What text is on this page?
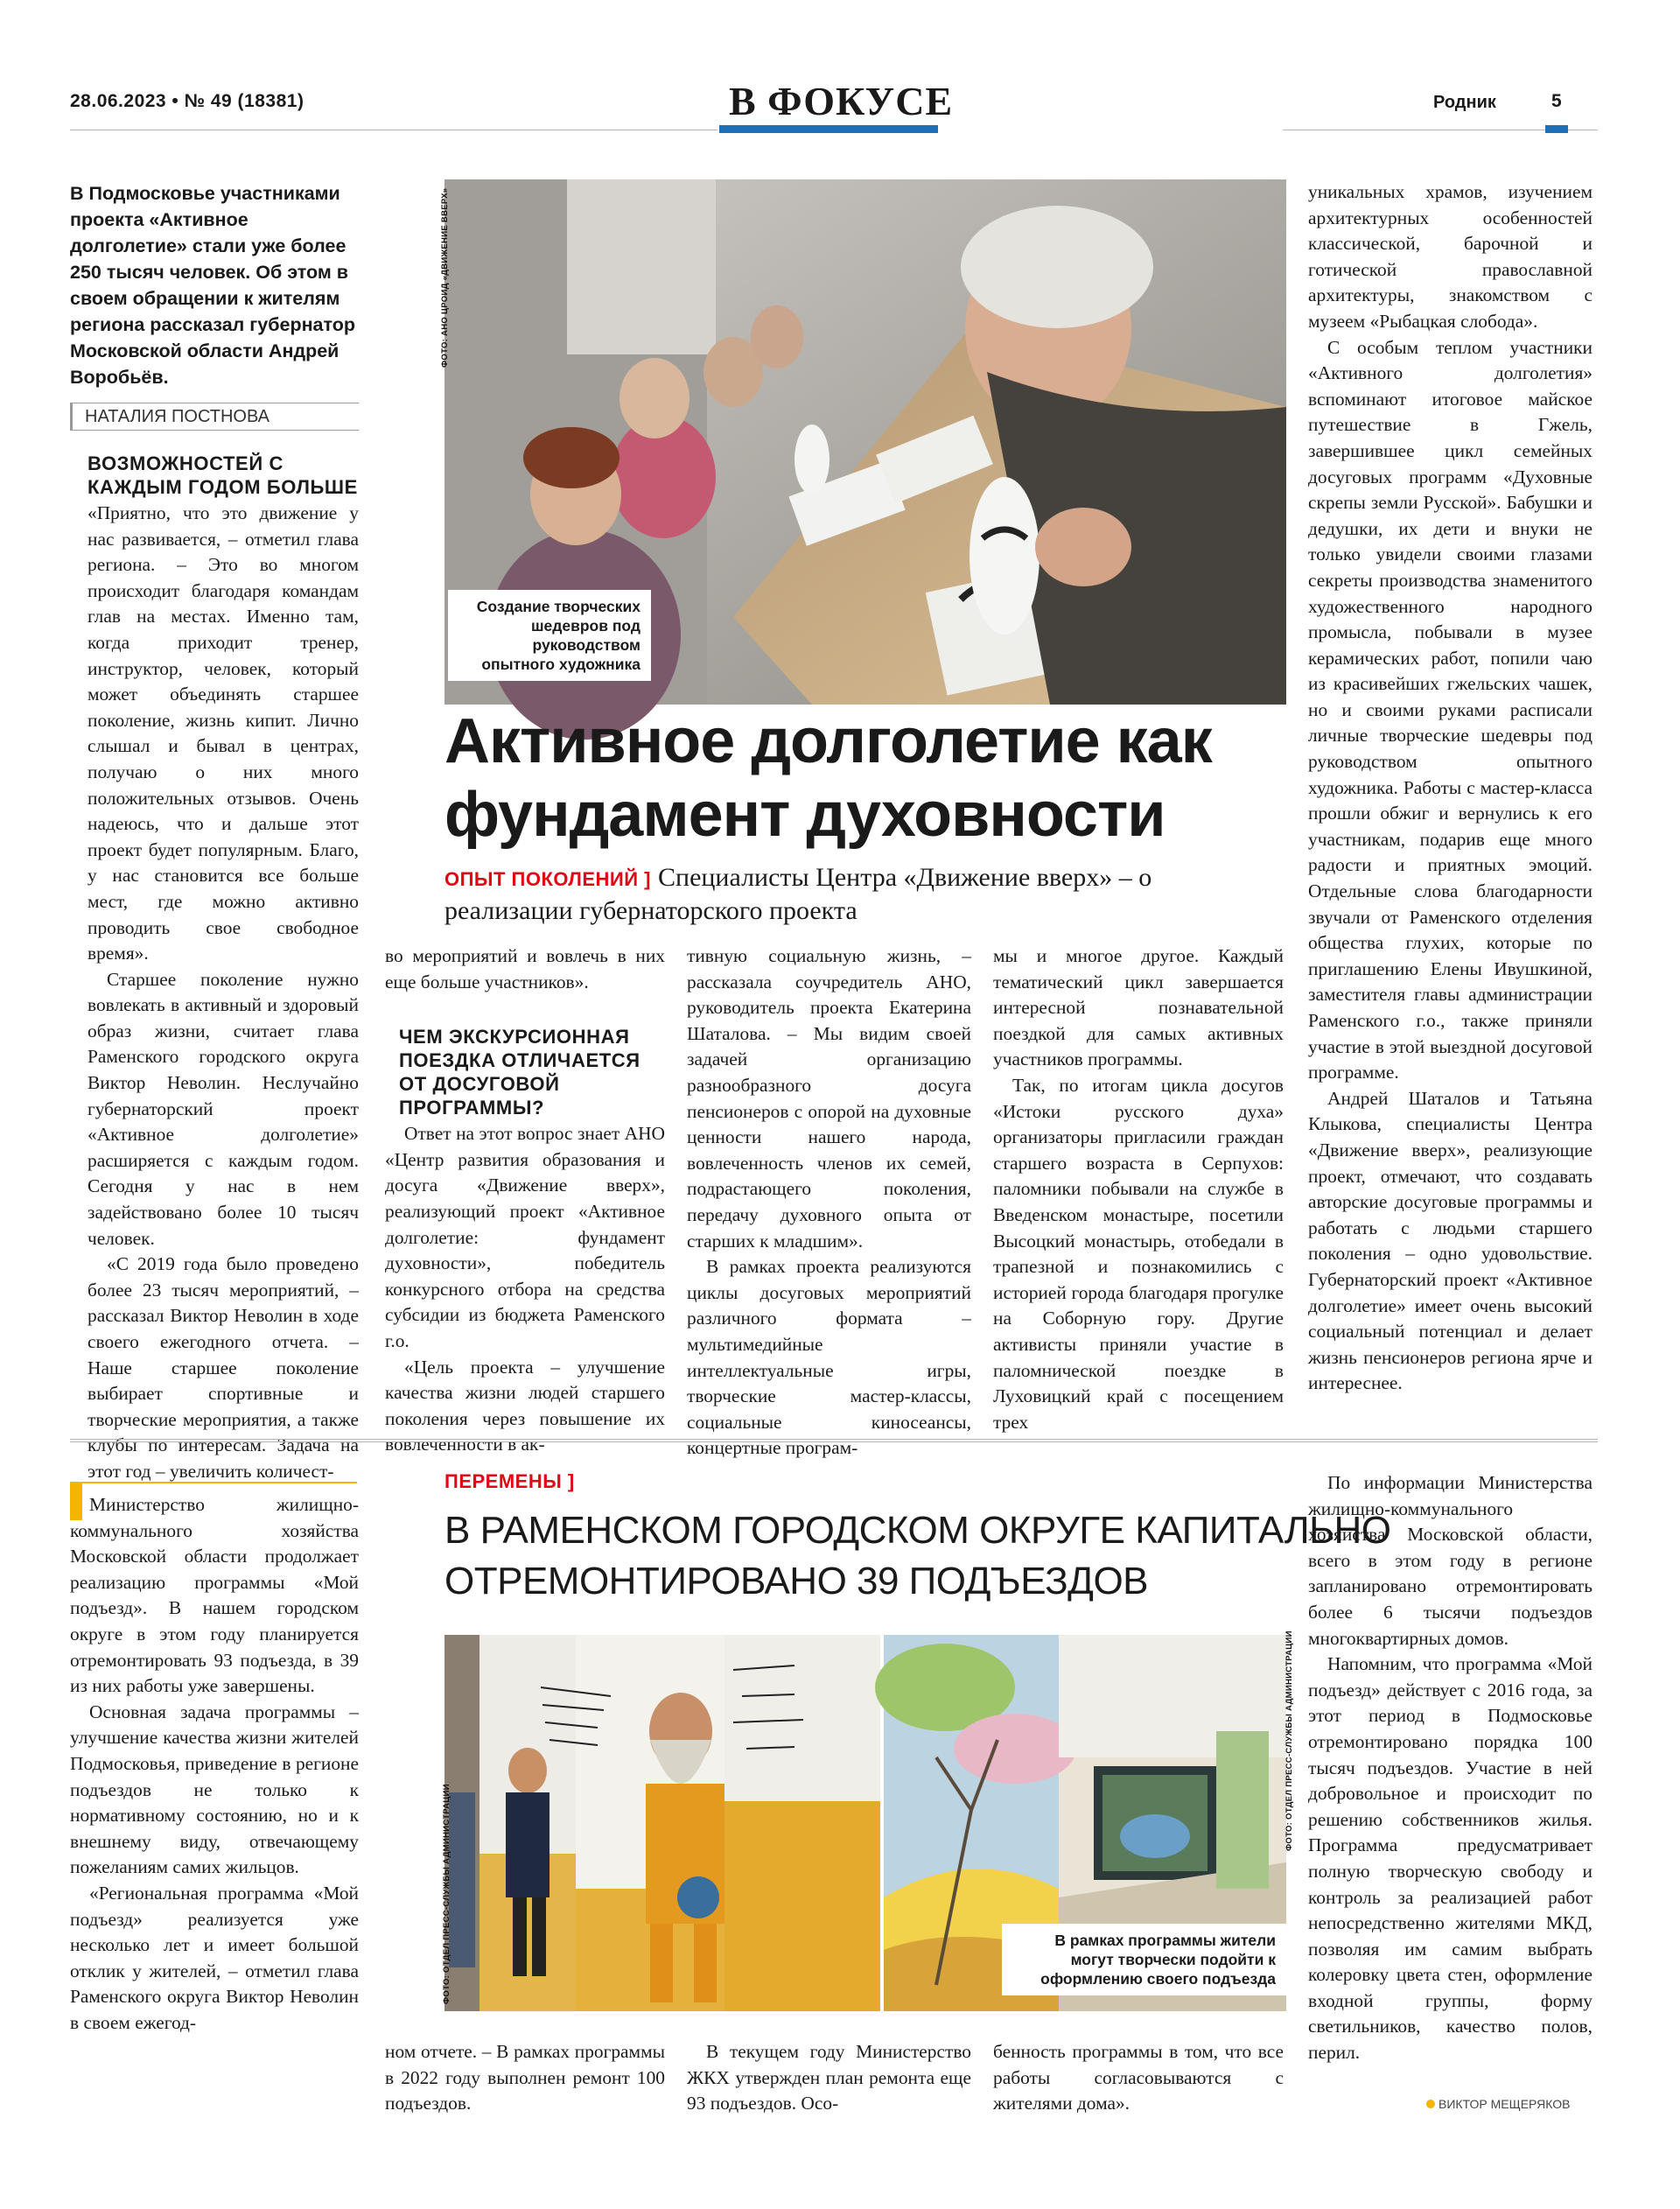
28.06.2023 • № 49 (18381)	В ФОКУСЕ	Родник	5
В Подмосковье участниками проекта «Активное долголетие» стали уже более 250 тысяч человек. Об этом в своем обращении к жителям региона рассказал губернатор Московской области Андрей Воробьёв.
НАТАЛИЯ ПОСТНОВА
ВОЗМОЖНОСТЕЙ С КАЖДЫМ ГОДОМ БОЛЬШЕ

«Приятно, что это движение у нас развивается, – отметил глава региона. – Это во многом происходит благодаря командам глав на местах. Именно там, когда приходит тренер, инструктор, человек, который может объединять старшее поколение, жизнь кипит. Лично слышал и бывал в центрах, получаю о них много положительных отзывов. Очень надеюсь, что и дальше этот проект будет популярным. Благо, у нас становится все больше мест, где можно активно проводить свое свободное время».

Старшее поколение нужно вовлекать в активный и здоровый образ жизни, считает глава Раменского городского округа Виктор Неволин. Неслучайно губернаторский проект «Активное долголетие» расширяется с каждым годом. Сегодня у нас в нем задействовано более 10 тысяч человек.

«С 2019 года было проведено более 23 тысяч мероприятий, – рассказал Виктор Неволин в ходе своего ежегодного отчета. – Наше старшее поколение выбирает спортивные и творческие мероприятия, а также клубы по интересам. Задача на этот год – увеличить количест-

ФОТО: АНО ЦРОИД «ДВИЖЕНИЕ ВВЕРХ»
Создание творческих шедевров под руководством опытного художника
Активное долголетие как
фундамент духовности
ОПЫТ ПОКОЛЕНИЙ ] Специалисты Центра «Движение вверх» – о реализации губернаторского проекта

во мероприятий и вовлечь в них еще больше участников».

ЧЕМ ЭКСКУРСИОННАЯ ПОЕЗДКА ОТЛИЧАЕТСЯ ОТ ДОСУГОВОЙ ПРОГРАММЫ?

Ответ на этот вопрос знает АНО «Центр развития образования и досуга «Движение вверх», реализующий проект «Активное долголетие: фундамент духовности», победитель конкурсного отбора на средства субсидии из бюджета Раменского г.о.

«Цель проекта – улучшение качества жизни людей старшего поколения через повышение их вовлеченности в ак-

тивную социальную жизнь, – рассказала соучредитель АНО, руководитель проекта Екатерина Шаталова. – Мы видим своей задачей организацию разнообразного досуга пенсионеров с опорой на духовные ценности нашего народа, вовлеченность членов их семей, подрастающего поколения, передачу духовного опыта от старших к младшим».

В рамках проекта реализуются циклы досуговых мероприятий различного формата – мультимедийные интеллектуальные игры, творческие мастер-классы, социальные киносеансы, концертные програм-

мы и многое другое. Каждый тематический цикл завершается интересной познавательной поездкой для самых активных участников программы.

Так, по итогам цикла досугов «Истоки русского духа» организаторы пригласили граждан старшего возраста в Серпухов: паломники побывали на службе в Введенском монастыре, посетили Высоцкий монастырь, отобедали в трапезной и познакомились с историей города благодаря прогулке на Соборную гору. Другие активисты приняли участие в паломнической поездке в Луховицкий край с посещением трех

уникальных храмов, изучением архитектурных особенностей классической, барочной и готической православной архитектуры, знакомством с музеем «Рыбацкая слобода».

С особым теплом участники «Активного долголетия» вспоминают итоговое майское путешествие в Гжель, завершившее цикл семейных досуговых программ «Духовные скрепы земли Русской». Бабушки и дедушки, их дети и внуки не только увидели своими глазами секреты производства знаменитого художественного народного промысла, побывали в музее керамических работ, попили чаю из красивейших гжельских чашек, но и своими руками расписали личные творческие шедевры под руководством опытного художника. Работы с мастер-класса прошли обжиг и вернулись к его участникам, подарив еще много радости и приятных эмоций. Отдельные слова благодарности звучали от Раменского отделения общества глухих, которые по приглашению Елены Ивушкиной, заместителя главы администрации Раменского г.о., также приняли участие в этой выездной досуговой программе.

Андрей Шаталов и Татьяна Клыкова, специалисты Центра «Движение вверх», реализующие проект, отмечают, что создавать авторские досуговые программы и работать с людьми старшего поколения – одно удовольствие. Губернаторский проект «Активное долголетие» имеет очень высокий социальный потенциал и делает жизнь пенсионеров региона ярче и интереснее.

Министерство жилищно-коммунального хозяйства Московской области продолжает реализацию программы «Мой подъезд». В нашем городском округе в этом году планируется отремонтировать 93 подъезда, в 39 из них работы уже завершены.

Основная задача программы – улучшение качества жизни жителей Подмосковья, приведение в регионе подъездов не только к нормативному состоянию, но и к внешнему виду, отвечающему пожеланиям самих жильцов.

«Региональная программа «Мой подъезд» реализуется уже несколько лет и имеет большой отклик у жителей, – отметил глава Раменского округа Виктор Неволин в своем ежегод-

ПЕРЕМЕНЫ ]
В РАМЕНСКОМ ГОРОДСКОМ ОКРУГЕ КАПИТАЛЬНО
ОТРЕМОНТИРОВАНО 39 ПОДЪЕЗДОВ
ФОТО: ОТДЕЛ ПРЕСС-СЛУЖБЫ АДМИНИСТРАЦИИ
ФОТО: ОТДЕЛ ПРЕСС-СЛУЖБЫ АДМИНИСТРАЦИИ
В рамках программы жители могут творчески подойти к оформлению своего подъезда

ном отчете. – В рамках программы в 2022 году выполнен ремонт 100 подъездов.

В текущем году Министерство ЖКХ утвержден план ремонта еще 93 подъездов. Осо-

бенность программы в том, что все работы согласовываются с жителями дома».

По информации Министерства жилищно-коммунального хозяйства Московской области, всего в этом году в регионе запланировано отремонтировать более 6 тысячи подъездов многоквартирных домов.

Напомним, что программа «Мой подъезд» действует с 2016 года, за этот период в Подмосковье отремонтировано порядка 100 тысяч подъездов. Участие в ней добровольное и происходит по решению собственников жилья. Программа предусматривает полную творческую свободу и контроль за реализацией работ непосредственно жителями МКД, позволяя им самим выбрать колеровку цвета стен, оформление входной группы, форму светильников, качество полов, перил.

ВИКТОР МЕЩЕРЯКОВ
